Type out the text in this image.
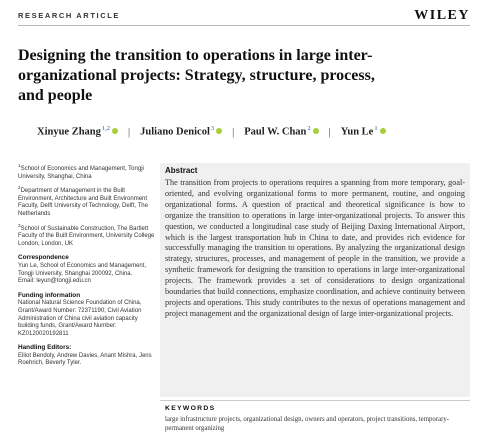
RESEARCH ARTICLE	WILEY
Designing the transition to operations in large inter-organizational projects: Strategy, structure, process, and people
Xinyue Zhang$^{1,2}$ | Juliano Denicol$^3$ | Paul W. Chan$^2$ | Yun Le$^1$
$^1$School of Economics and Management, Tongji University, Shanghai, China
$^2$Department of Management in the Built Environment, Architecture and Built Environment Faculty, Delft University of Technology, Delft, The Netherlands
$^3$School of Sustainable Construction, The Bartlett Faculty of the Built Environment, University College London, London, UK
Correspondence

Yun Le, School of Economics and Management, Tongji University, Shanghai 200092, China.

Email: leyun@tongji.edu.cn

Funding information

National Natural Science Foundation of China, Grant/Award Number: 72371190; Civil Aviation Administration of China civil aviation capacity building funds, Grant/Award Number: KZ0120020192811

Handling Editors:

Elliot Bendoly, Andrew Davies, Anant Mishra, Jens Roehrich, Beverly Tyler.

Abstract

The transition from projects to operations requires a spanning from more temporary, goal-oriented, and evolving organizational forms to more permanent, routine, and ongoing organizational forms. A question of practical and theoretical significance is how to organize the transition to operations in large inter-organizational projects. To answer this question, we conducted a longitudinal case study of Beijing Daxing International Airport, which is the largest transportation hub in China to date, and provides rich evidence for successfully managing the transition to operations. By analyzing the organizational design strategy, structures, processes, and management of people in the transition, we provide a synthetic framework for designing the transition to operations in large inter-organizational projects. The framework provides a set of considerations to design organizational boundaries that build connections, emphasize coordination, and achieve continuity between projects and operations. This study contributes to the nexus of operations management and project management and the organizational design of large inter-organizational projects.

KEYWORDS

large infrastructure projects, organizational design, owners and operators, project transitions, temporary-permanent organizing
